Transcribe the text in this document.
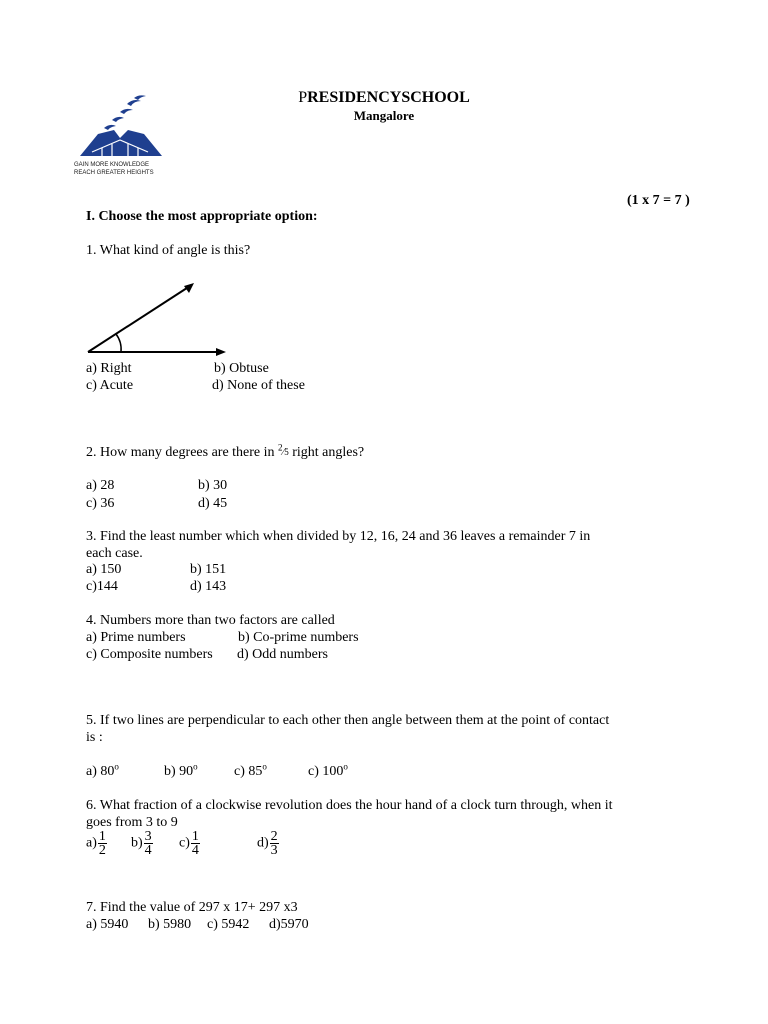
GAIN MORE KNOWLEDGE
REACH GREATER HEIGHTS
PRESIDENCYSCHOOL
Mangalore
(1 x 7 = 7 )
I. Choose the most appropriate option:
1. What kind of angle is this?
a) Right	b) Obtuse
c) Acute	d) None of these
2. How many degrees are there in $^{^2⁄5}$ right angles?
a) 28	b) 30
c) 36	d) 45
3. Find the least number which when divided by 12, 16, 24 and 36 leaves a remainder 7 in
each case.
a) 150	b) 151
c)144	d) 143
4. Numbers more than two factors are called
a) Prime numbers	b) Co-prime numbers
c) Composite numbers d) Odd numbers
5. If two lines are perpendicular to each other then angle between them at the point of contact
is :
a) 80$^o$	b) 90$^o$	c) 85$^o$	c) 100$^o$
6. What fraction of a clockwise revolution does the hour hand of a clock turn through, when it
goes from 3 to 9
$a) \frac{1}{2} b) \frac{3}{4} c) \frac{1}{4}$	$d) \frac{2}{3}$
7. Find the value of 297 x 17+ 297 x3
a) 5940 b) 5980 c) 5942 d)5970
